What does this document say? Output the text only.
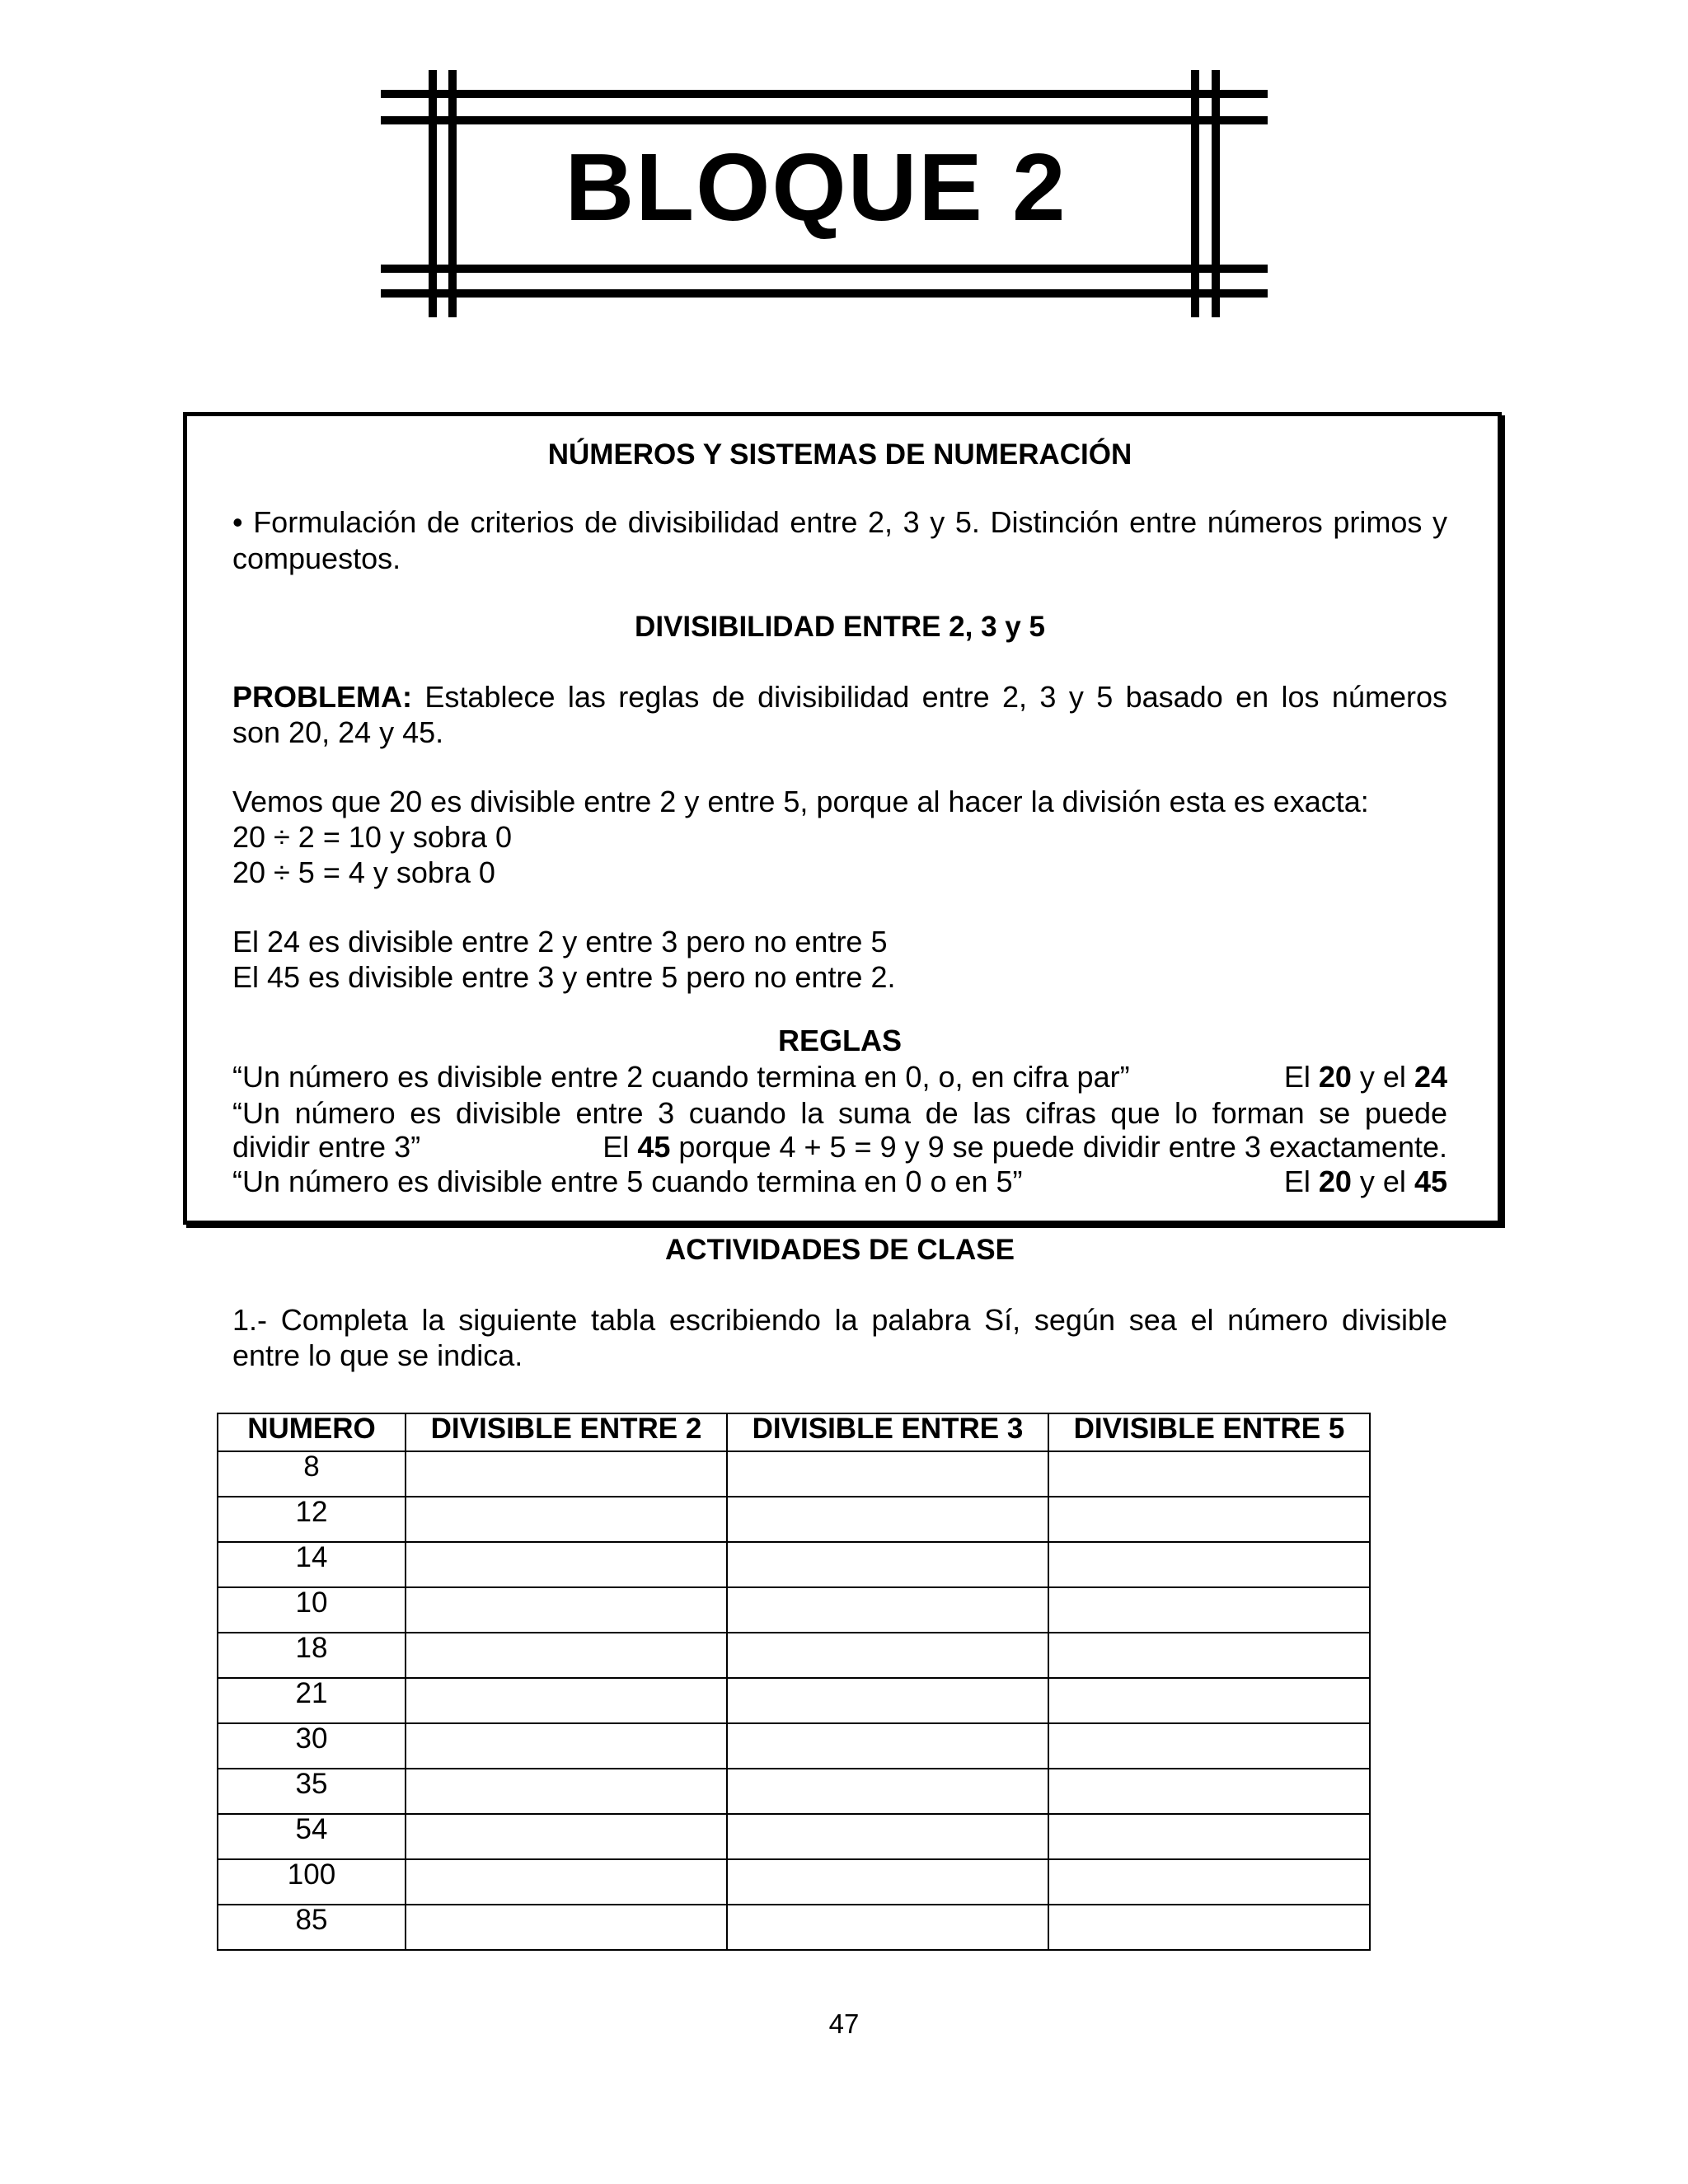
BLOQUE 2
NÚMEROS Y SISTEMAS DE NUMERACIÓN
• Formulación de criterios de divisibilidad entre 2, 3 y 5. Distinción entre números primos y
compuestos.
DIVISIBILIDAD ENTRE 2, 3 y 5
PROBLEMA: Establece las reglas de divisibilidad entre 2, 3 y 5 basado en los números
son 20, 24 y 45.
Vemos que 20 es divisible entre 2 y entre 5, porque al hacer la división esta es exacta:
20 ÷ 2 = 10 y sobra 0
20 ÷ 5 = 4 y sobra 0
El 24 es divisible entre 2 y entre 3 pero no entre 5
El 45 es divisible entre 3 y entre 5 pero no entre 2.
REGLAS
“Un número es divisible entre 2 cuando termina en 0, o, en cifra par”	El 20 y el 24
“Un número es divisible entre 3 cuando la suma de las cifras que lo forman se puede
dividir entre 3”	El 45 porque 4 + 5 = 9 y 9 se puede dividir entre 3 exactamente.
“Un número es divisible entre 5 cuando termina en 0 o en 5”	El 20 y el 45
ACTIVIDADES DE CLASE
1.- Completa la siguiente tabla escribiendo la palabra Sí, según sea el número divisible
entre lo que se indica.
NUMERO	DIVISIBLE ENTRE 2	DIVISIBLE ENTRE 3	DIVISIBLE ENTRE 5
8			
12			
14			
10			
18			
21			
30			
35			
54			
100			
85			
47
